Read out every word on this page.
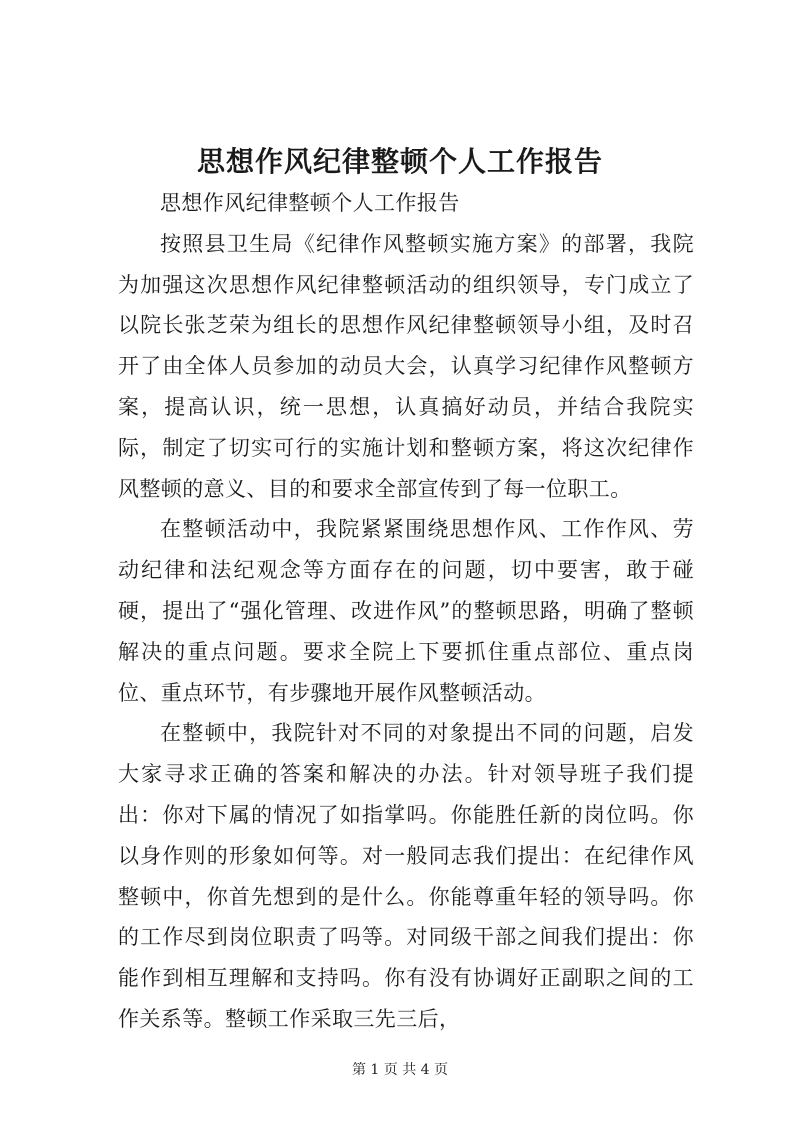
思想作风纪律整顿个人工作报告

思想作风纪律整顿个人工作报告

按照县卫生局《纪律作风整顿实施方案》的部署，我院为加强这次思想作风纪律整顿活动的组织领导，专门成立了以院长张芝荣为组长的思想作风纪律整顿领导小组，及时召开了由全体人员参加的动员大会，认真学习纪律作风整顿方案，提高认识，统一思想，认真搞好动员，并结合我院实际，制定了切实可行的实施计划和整顿方案，将这次纪律作风整顿的意义、目的和要求全部宣传到了每一位职工。

在整顿活动中，我院紧紧围绕思想作风、工作作风、劳动纪律和法纪观念等方面存在的问题，切中要害，敢于碰硬，提出了“强化管理、改进作风”的整顿思路，明确了整顿解决的重点问题。要求全院上下要抓住重点部位、重点岗位、重点环节，有步骤地开展作风整顿活动。

在整顿中，我院针对不同的对象提出不同的问题，启发大家寻求正确的答案和解决的办法。针对领导班子我们提出：你对下属的情况了如指掌吗。你能胜任新的岗位吗。你以身作则的形象如何等。对一般同志我们提出：在纪律作风整顿中，你首先想到的是什么。你能尊重年轻的领导吗。你的工作尽到岗位职责了吗等。对同级干部之间我们提出：你能作到相互理解和支持吗。你有没有协调好正副职之间的工作关系等。整顿工作采取三先三后，

第 1 页 共 4 页
